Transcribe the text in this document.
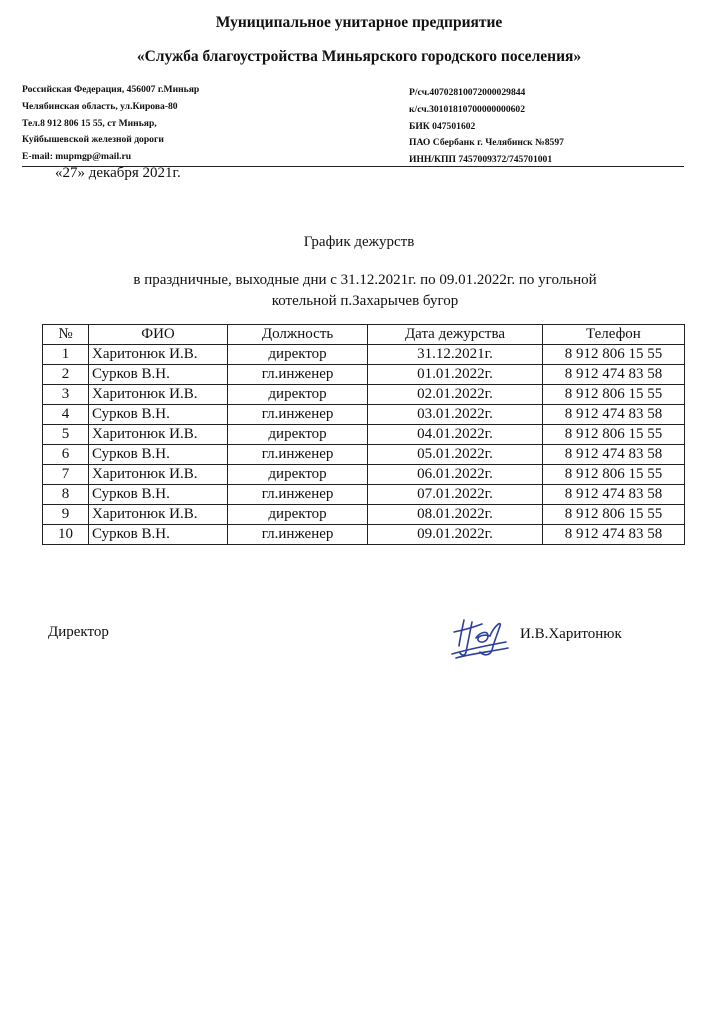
Муниципальное унитарное предприятие
«Служба благоустройства Миньярского городского поселения»
Российская Федерация, 456007 г.Миньяр
Челябинская область, ул.Кирова-80
Тел.8 912 806 15 55, ст Миньяр,
Куйбышевской железной дороги
E-mail: mupmgp@mail.ru
Р/сч.40702810072000029844
к/сч.30101810700000000602
БИК 047501602
ПАО Сбербанк г. Челябинск №8597
ИНН/КПП 7457009372/745701001
«27» декабря 2021г.
График дежурств
в праздничные, выходные дни с 31.12.2021г. по 09.01.2022г. по угольной
котельной п.Захарычев бугор
№	ФИО	Должность	Дата дежурства	Телефон
1	Харитонюк И.В.	директор	31.12.2021г.	8 912 806 15 55
2	Сурков В.Н.	гл.инженер	01.01.2022г.	8 912 474 83 58
3	Харитонюк И.В.	директор	02.01.2022г.	8 912 806 15 55
4	Сурков В.Н.	гл.инженер	03.01.2022г.	8 912 474 83 58
5	Харитонюк И.В.	директор	04.01.2022г.	8 912 806 15 55
6	Сурков В.Н.	гл.инженер	05.01.2022г.	8 912 474 83 58
7	Харитонюк И.В.	директор	06.01.2022г.	8 912 806 15 55
8	Сурков В.Н.	гл.инженер	07.01.2022г.	8 912 474 83 58
9	Харитонюк И.В.	директор	08.01.2022г.	8 912 806 15 55
10	Сурков В.Н.	гл.инженер	09.01.2022г.	8 912 474 83 58
Директор	И.В.Харитонюк
